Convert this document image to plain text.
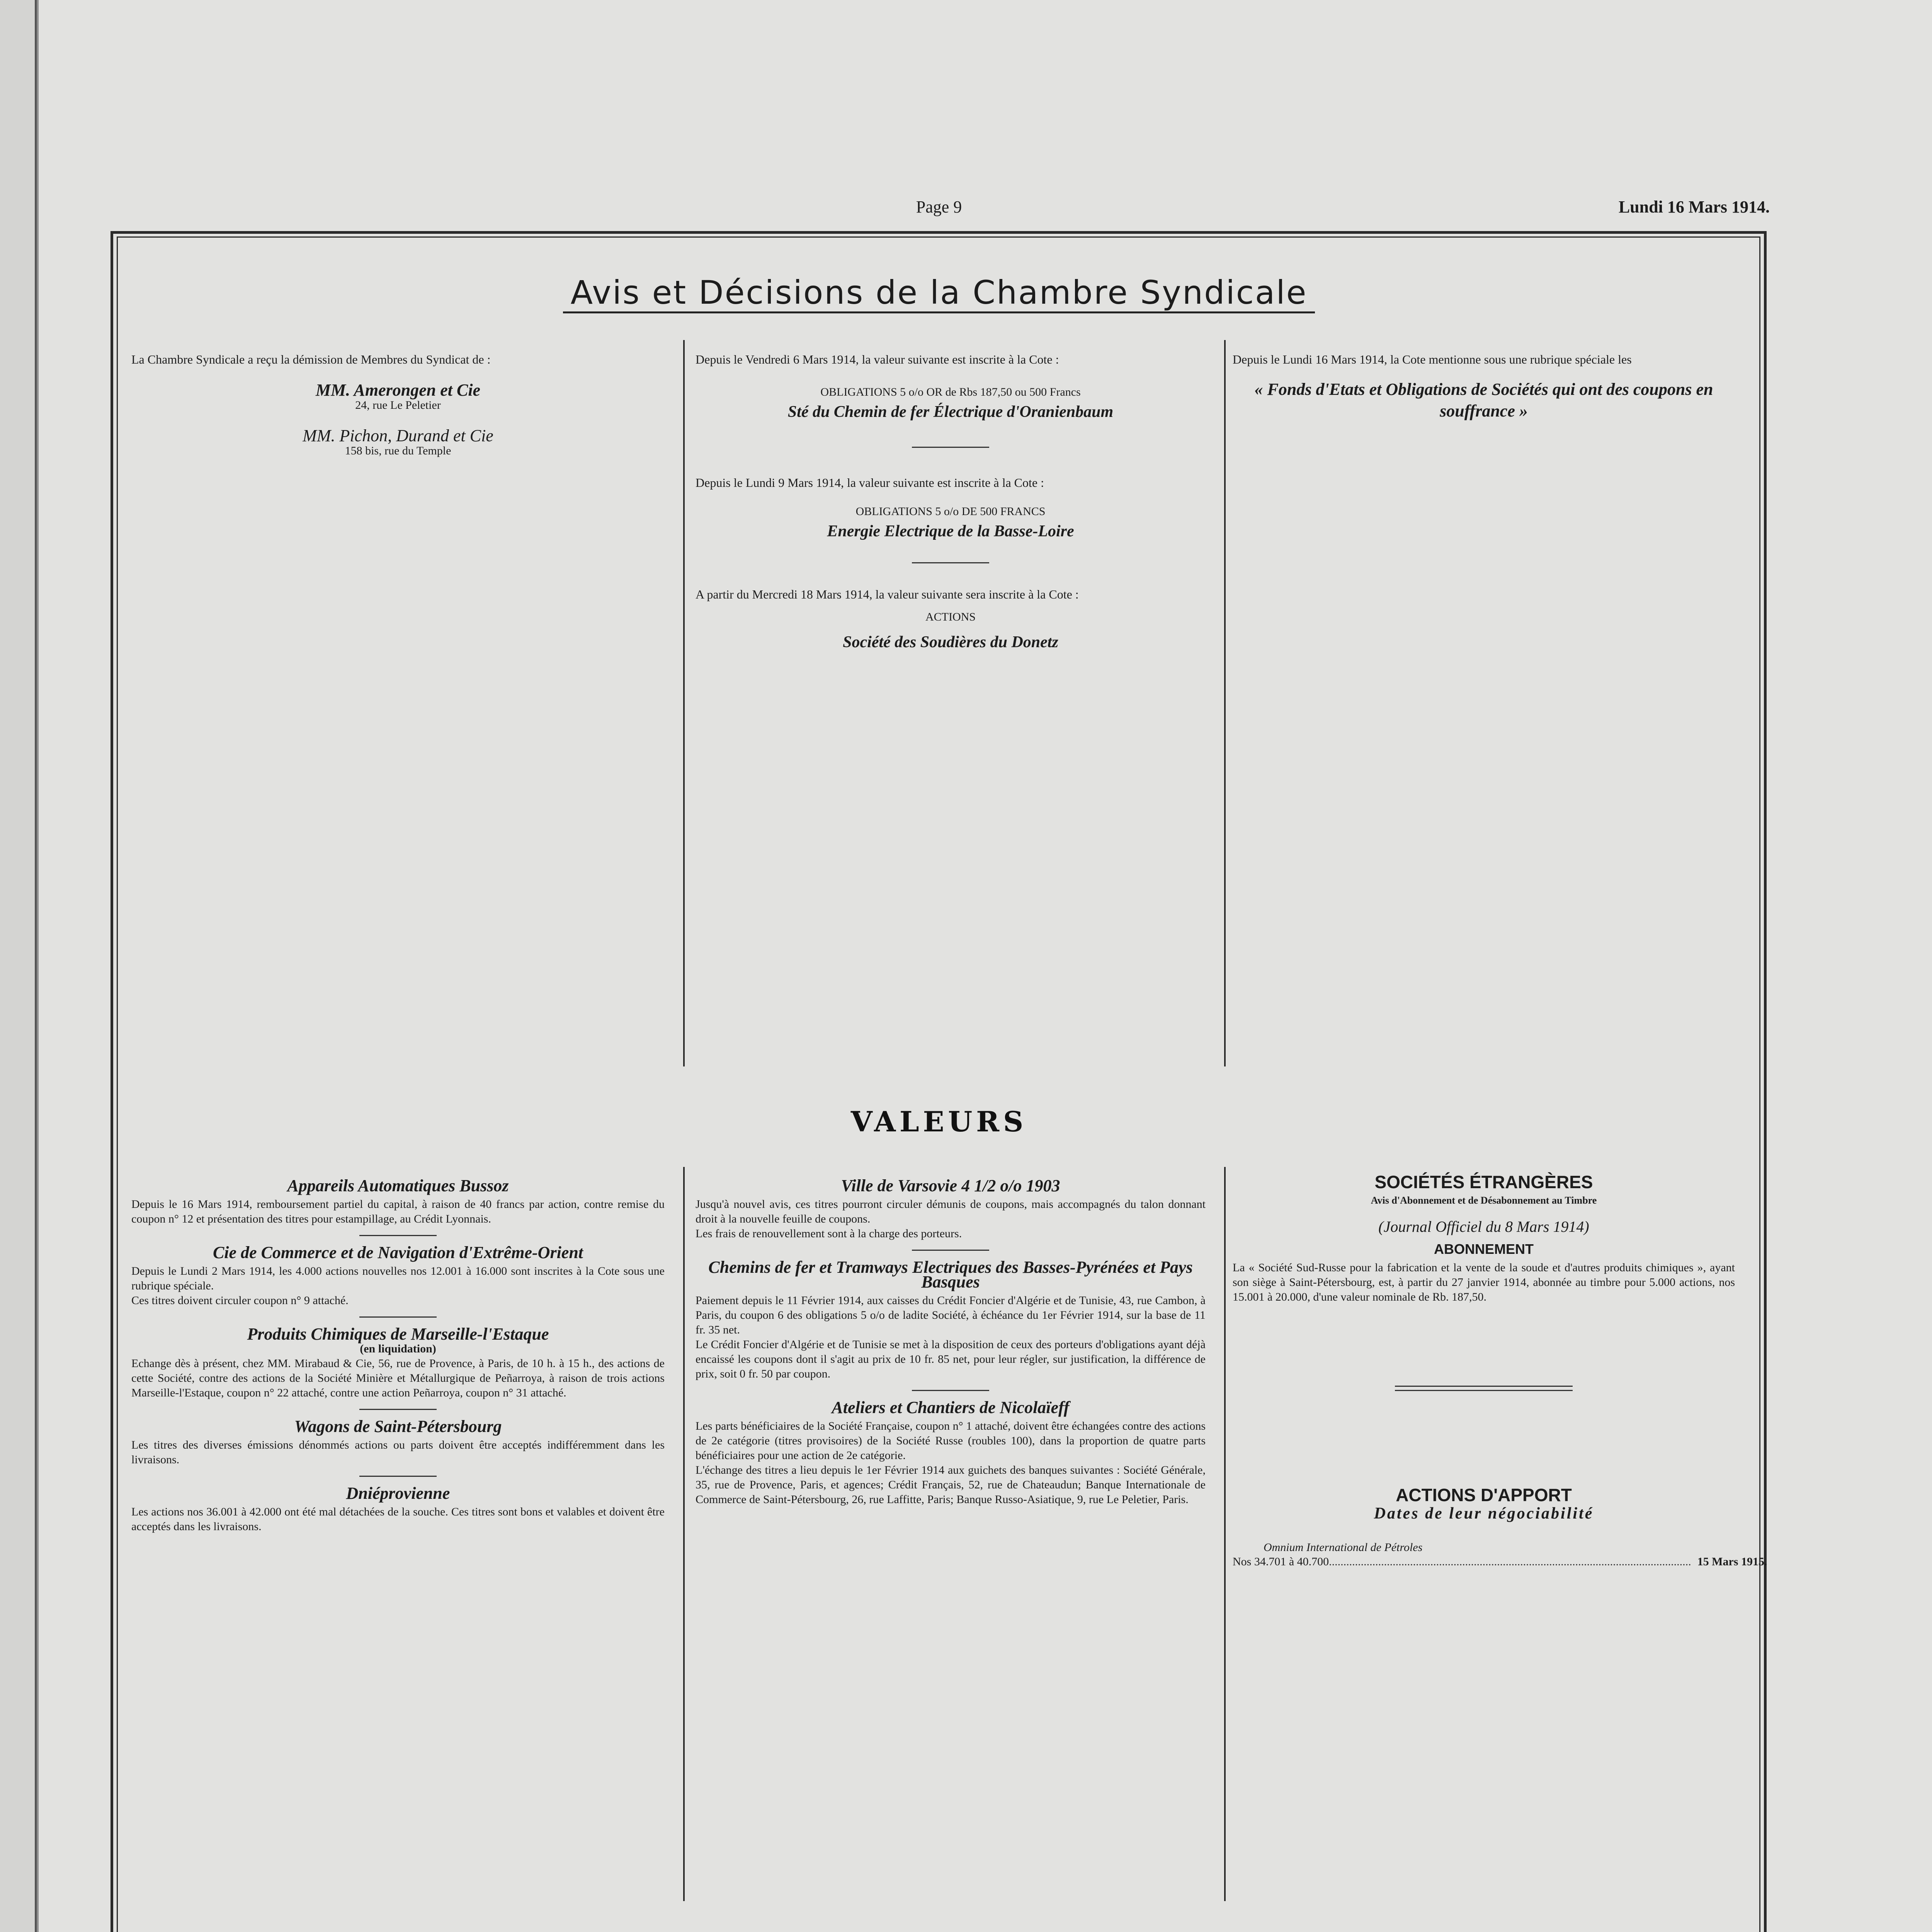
Page 9	Lundi 16 Mars 1914.
Avis et Décisions de la Chambre Syndicale
La Chambre Syndicale a reçu la démission de Membres du Syndicat de :
MM. Amerongen et Cie
24, rue Le Peletier
MM. Pichon, Durand et Cie
158 bis, rue du Temple
Depuis le Vendredi 6 Mars 1914, la valeur suivante est inscrite à la Cote :
OBLIGATIONS 5 o/o OR de Rbs 187,50 ou 500 Francs
Sté du Chemin de fer Électrique d'Oranienbaum
Depuis le Lundi 9 Mars 1914, la valeur suivante est inscrite à la Cote :
OBLIGATIONS 5 o/o DE 500 FRANCS
Energie Electrique de la Basse-Loire
A partir du Mercredi 18 Mars 1914, la valeur suivante sera inscrite à la Cote :
ACTIONS
Société des Soudières du Donetz
Depuis le Lundi 16 Mars 1914, la Cote mentionne sous une rubrique spéciale les
« Fonds d'Etats et Obligations de Sociétés qui ont des coupons en souffrance »
VALEURS
Appareils Automatiques Bussoz
Depuis le 16 Mars 1914, remboursement partiel du capital, à raison de 40 francs par action, contre remise du coupon n° 12 et présentation des titres pour estampillage, au Crédit Lyonnais.
Cie de Commerce et de Navigation d'Extrême-Orient
Depuis le Lundi 2 Mars 1914, les 4.000 actions nouvelles nos 12.001 à 16.000 sont inscrites à la Cote sous une rubrique spéciale.
Ces titres doivent circuler coupon n° 9 attaché.
Produits Chimiques de Marseille-l'Estaque
(en liquidation)
Echange dès à présent, chez MM. Mirabaud & Cie, 56, rue de Provence, à Paris, de 10 h. à 15 h., des actions de cette Société, contre des actions de la Société Minière et Métallurgique de Peñarroya, à raison de trois actions Marseille-l'Estaque, coupon n° 22 attaché, contre une action Peñarroya, coupon n° 31 attaché.
Wagons de Saint-Pétersbourg
Les titres des diverses émissions dénommés actions ou parts doivent être acceptés indifféremment dans les livraisons.
Dniéprovienne
Les actions nos 36.001 à 42.000 ont été mal détachées de la souche. Ces titres sont bons et valables et doivent être acceptés dans les livraisons.
Ville de Varsovie 4 1/2 o/o 1903
Jusqu'à nouvel avis, ces titres pourront circuler démunis de coupons, mais accompagnés du talon donnant droit à la nouvelle feuille de coupons.
Les frais de renouvellement sont à la charge des porteurs.
Chemins de fer et Tramways Electriques des Basses-Pyrénées et Pays Basques
Paiement depuis le 11 Février 1914, aux caisses du Crédit Foncier d'Algérie et de Tunisie, 43, rue Cambon, à Paris, du coupon 6 des obligations 5 o/o de ladite Société, à échéance du 1er Février 1914, sur la base de 11 fr. 35 net.
Le Crédit Foncier d'Algérie et de Tunisie se met à la disposition de ceux des porteurs d'obligations ayant déjà encaissé les coupons dont il s'agit au prix de 10 fr. 85 net, pour leur régler, sur justification, la différence de prix, soit 0 fr. 50 par coupon.
Ateliers et Chantiers de Nicolaïeff
Les parts bénéficiaires de la Société Française, coupon n° 1 attaché, doivent être échangées contre des actions de 2e catégorie (titres provisoires) de la Société Russe (roubles 100), dans la proportion de quatre parts bénéficiaires pour une action de 2e catégorie.
L'échange des titres a lieu depuis le 1er Février 1914 aux guichets des banques suivantes : Société Générale, 35, rue de Provence, Paris, et agences; Crédit Français, 52, rue de Chateaudun; Banque Internationale de Commerce de Saint-Pétersbourg, 26, rue Laffitte, Paris; Banque Russo-Asiatique, 9, rue Le Peletier, Paris.
SOCIÉTÉS ÉTRANGÈRES
Avis d'Abonnement et de Désabonnement au Timbre
(Journal Officiel du 8 Mars 1914)
ABONNEMENT
La « Société Sud-Russe pour la fabrication et la vente de la soude et d'autres produits chimiques », ayant son siège à Saint-Pétersbourg, est, à partir du 27 janvier 1914, abonnée au timbre pour 5.000 actions, nos 15.001 à 20.000, d'une valeur nominale de Rb. 187,50.
ACTIONS D'APPORT
Dates de leur négociabilité
Omnium International de Pétroles
Nos 34.701 à 40.700 ............................................................................................................................. 15 Mars 1915.
